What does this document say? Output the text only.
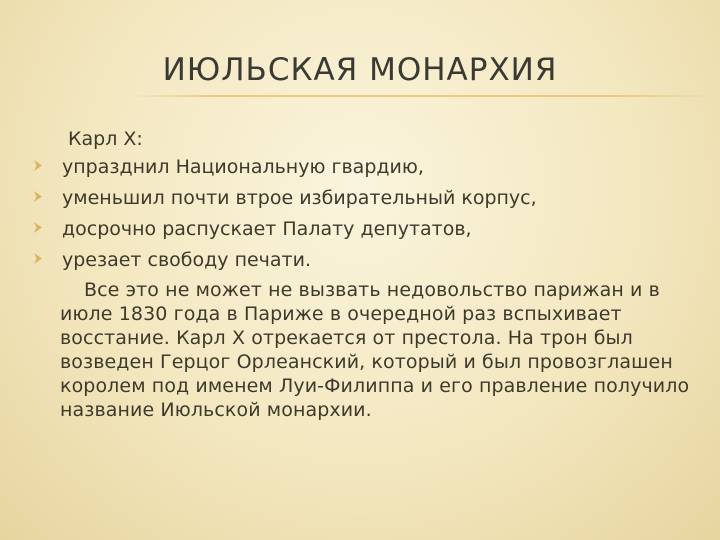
ИЮЛЬСКАЯ МОНАРХИЯ
Карл Х:
упразднил Национальную гвардию,
уменьшил почти втрое избирательный корпус,
досрочно распускает Палату депутатов,
урезает свободу печати.

Все это не может не вызвать недовольство парижан и в июле 1830 года в Париже в очередной раз вспыхивает восстание. Карл Х отрекается от престола. На трон был возведен Герцог Орлеанский, который и был провозглашен королем под именем Луи-Филиппа и его правление получило название Июльской монархии.
